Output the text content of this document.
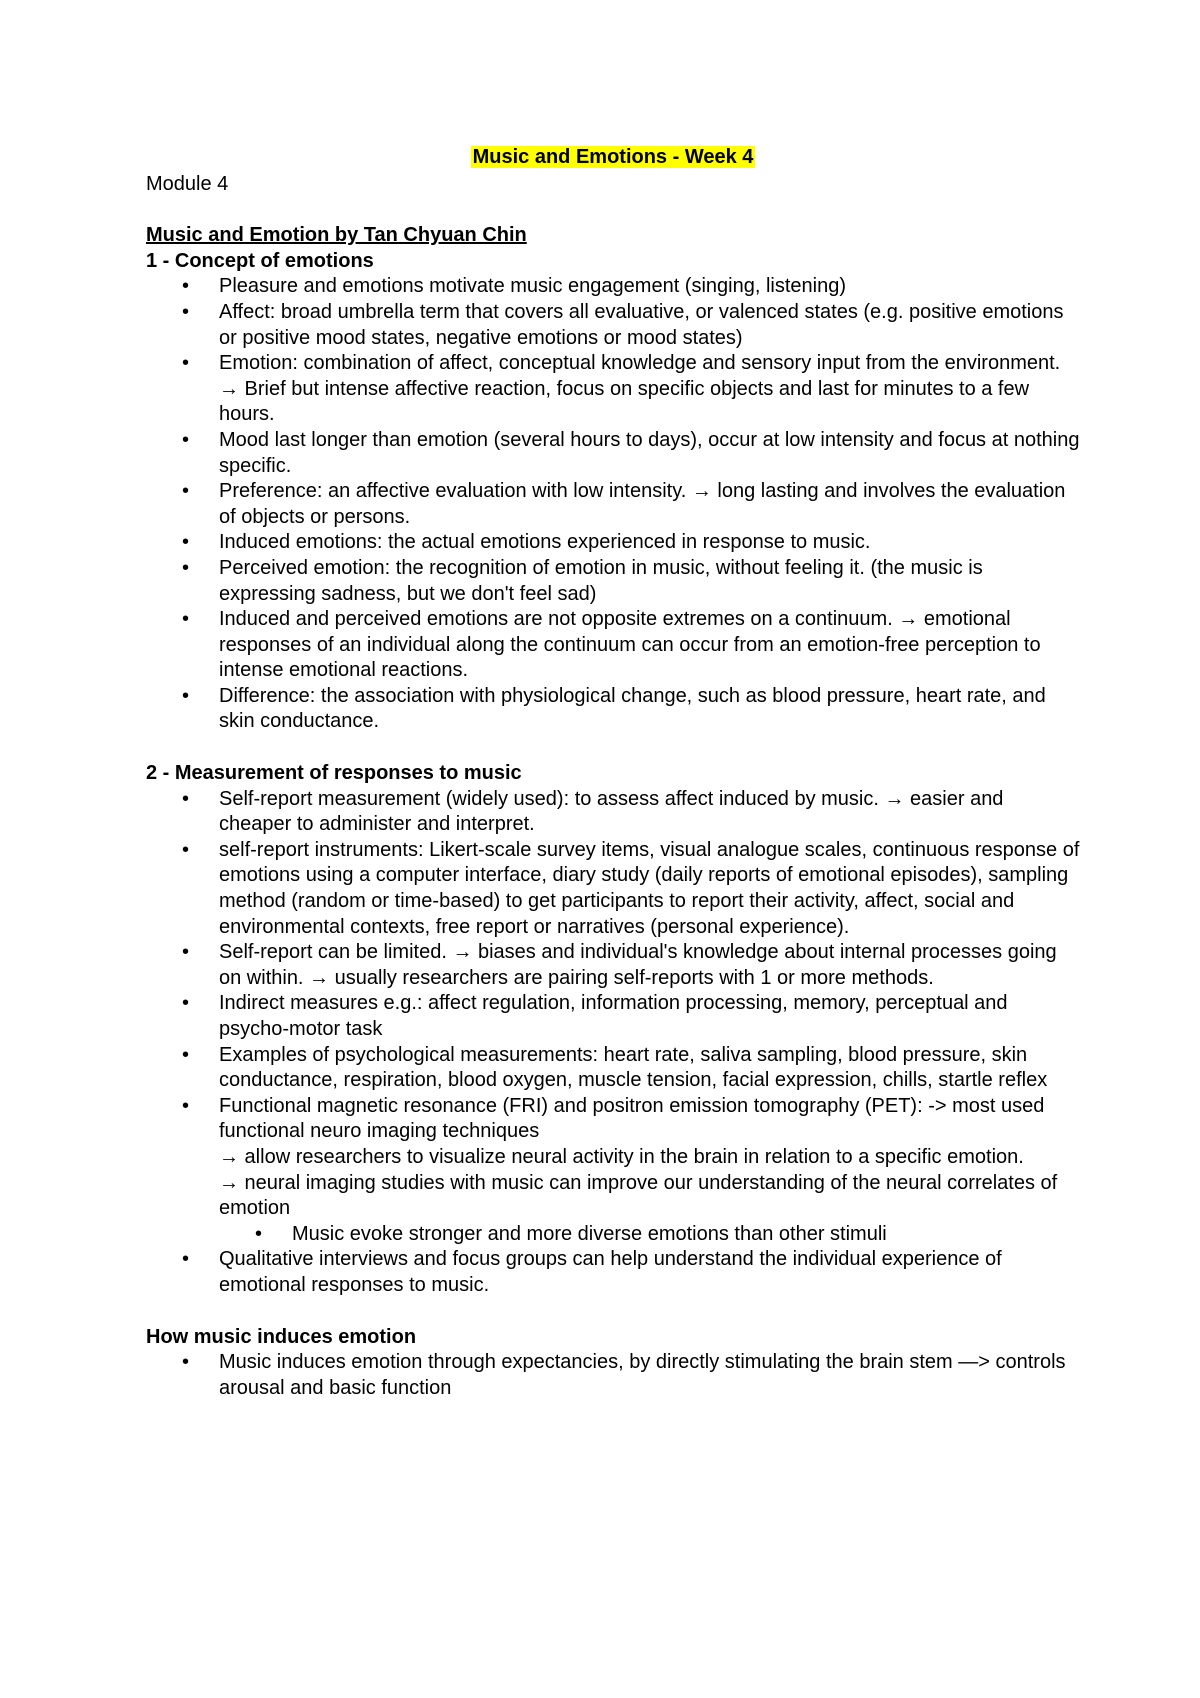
Music and Emotions - Week 4
Module 4
Music and Emotion by Tan Chyuan Chin
1 - Concept of emotions
• Pleasure and emotions motivate music engagement (singing, listening)
• Affect: broad umbrella term that covers all evaluative, or valenced states (e.g. positive emotions or positive mood states, negative emotions or mood states)
• Emotion: combination of affect, conceptual knowledge and sensory input from the environment. → Brief but intense affective reaction, focus on specific objects and last for minutes to a few hours.
• Mood last longer than emotion (several hours to days), occur at low intensity and focus at nothing specific.
• Preference: an affective evaluation with low intensity. → long lasting and involves the evaluation of objects or persons.
• Induced emotions: the actual emotions experienced in response to music.
• Perceived emotion: the recognition of emotion in music, without feeling it. (the music is expressing sadness, but we don't feel sad)
• Induced and perceived emotions are not opposite extremes on a continuum. → emotional responses of an individual along the continuum can occur from an emotion-free perception to intense emotional reactions.
• Difference: the association with physiological change, such as blood pressure, heart rate, and skin conductance.
2 - Measurement of responses to music
• Self-report measurement (widely used): to assess affect induced by music. → easier and cheaper to administer and interpret.
• self-report instruments: Likert-scale survey items, visual analogue scales, continuous response of emotions using a computer interface, diary study (daily reports of emotional episodes), sampling method (random or time-based) to get participants to report their activity, affect, social and environmental contexts, free report or narratives (personal experience).
• Self-report can be limited. → biases and individual's knowledge about internal processes going on within. → usually researchers are pairing self-reports with 1 or more methods.
• Indirect measures e.g.: affect regulation, information processing, memory, perceptual and psycho-motor task
• Examples of psychological measurements: heart rate, saliva sampling, blood pressure, skin conductance, respiration, blood oxygen, muscle tension, facial expression, chills, startle reflex
• Functional magnetic resonance (FRI) and positron emission tomography (PET): -> most used functional neuro imaging techniques
→ allow researchers to visualize neural activity in the brain in relation to a specific emotion.
→ neural imaging studies with music can improve our understanding of the neural correlates of emotion
• Music evoke stronger and more diverse emotions than other stimuli
• Qualitative interviews and focus groups can help understand the individual experience of emotional responses to music.
How music induces emotion
• Music induces emotion through expectancies, by directly stimulating the brain stem —> controls arousal and basic function
